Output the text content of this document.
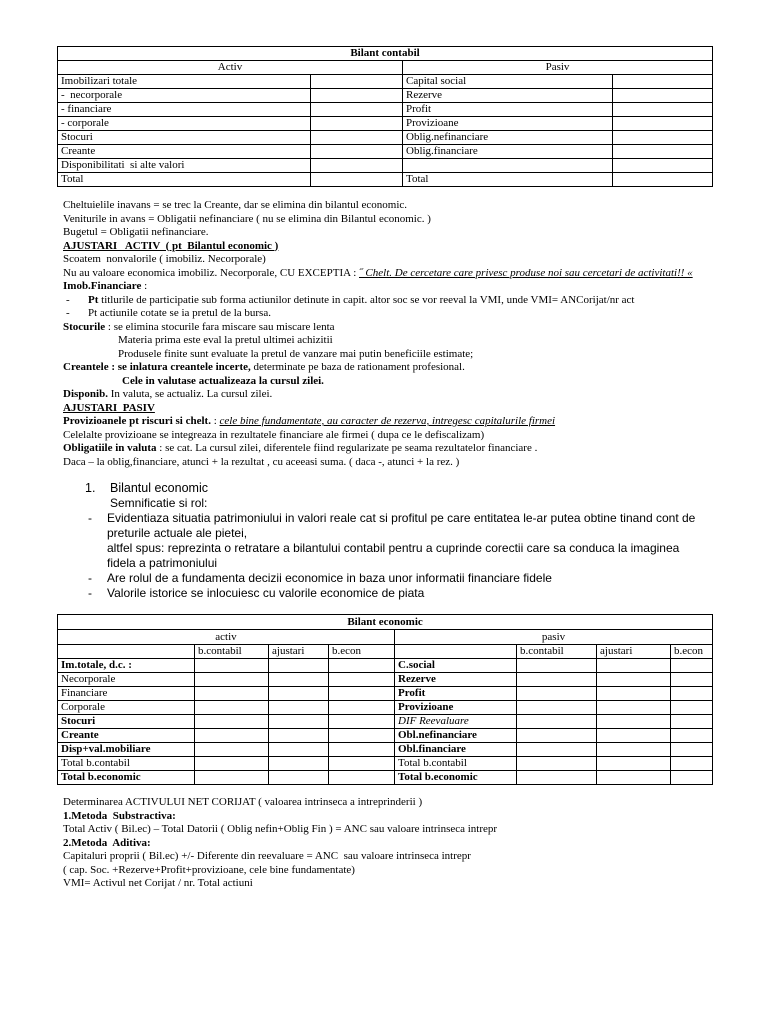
Bilant contabil			
Activ		Pasiv	
Imobilizari totale		Capital social	
-  necorporale		Rezerve	
- financiare		Profit	
- corporale		Provizioane	
Stocuri		Oblig.nefinanciare	
Creante		Oblig.financiare	
Disponibilitati  si alte valori			
Total		Total	
Cheltuielile inavans = se trec la Creante, dar se elimina din bilantul economic.
Veniturile in avans = Obligatii nefinanciare ( nu se elimina din Bilantul economic. )
Bugetul = Obligatii nefinanciare.
AJUSTARI   ACTIV  ( pt  Bilantul economic )
Scoatem  nonvalorile ( imobiliz. Necorporale)
Nu au valoare economica imobiliz. Necorporale, CU EXCEPTIA : ˝ Chelt. De cercetare care privesc produse noi sau cercetari de activitati!! «
Imob.Financiare :
- Pt titlurile de participatie sub forma actiunilor detinute in capit. altor soc se vor reeval la VMI, unde VMI= ANCorijat/nr act
- Pt actiunile cotate se ia pretul de la bursa.
Stocurile : se elimina stocurile fara miscare sau miscare lenta
Materia prima este eval la pretul ultimei achizitii
Produsele finite sunt evaluate la pretul de vanzare mai putin beneficiile estimate;
Creantele : se inlatura creantele incerte, determinate pe baza de rationament profesional.
Cele in valutase actualizeaza la cursul zilei.
Disponib. In valuta, se actualiz. La cursul zilei.
AJUSTARI  PASIV
Provizioanele pt riscuri si chelt. : cele bine fundamentate, au caracter de rezerva, intregesc capitalurile firmei
Celelalte provizioane se integreaza in rezultatele financiare ale firmei ( dupa ce le defiscalizam)
Obligatiile in valuta : se cat. La cursul zilei, diferentele fiind regularizate pe seama rezultatelor financiare .
Daca – la oblig,financiare, atunci + la rezultat , cu aceeasi suma. ( daca -, atunci + la rez. )
1. Bilantul economic
Semnificatie si rol:
- Evidentiaza situatia patrimoniului in valori reale cat si profitul pe care entitatea le-ar putea obtine tinand cont de
preturile actuale ale pietei,
altfel spus: reprezinta o retratare a bilantului contabil pentru a cuprinde corectii care sa conduca la imaginea
fidela a patrimoniului
- Are rolul de a fundamenta decizii economice in baza unor informatii financiare fidele
- Valorile istorice se inlocuiesc cu valorile economice de piata
Bilant economic							
activ				pasiv			
	b.contabil	ajustari	b.econ		b.contabil	ajustari	b.econ
Im.totale, d.c. :				C.social			
Necorporale				Rezerve			
Financiare				Profit			
Corporale				Provizioane			
Stocuri				DIF Reevaluare			
Creante				Obl.nefinanciare			
Disp+val.mobiliare				Obl.financiare			
Total b.contabil				Total b.contabil			
Total b.economic				Total b.economic			
Determinarea ACTIVULUI NET CORIJAT ( valoarea intrinseca a intreprinderii )
1.Metoda  Substractiva:
Total Activ ( Bil.ec) – Total Datorii ( Oblig nefin+Oblig Fin ) = ANC sau valoare intrinseca intrepr
2.Metoda  Aditiva:
Capitaluri proprii ( Bil.ec) +/- Diferente din reevaluare = ANC  sau valoare intrinseca intrepr
( cap. Soc. +Rezerve+Profit+provizioane, cele bine fundamentate)
VMI= Activul net Corijat / nr. Total actiuni
